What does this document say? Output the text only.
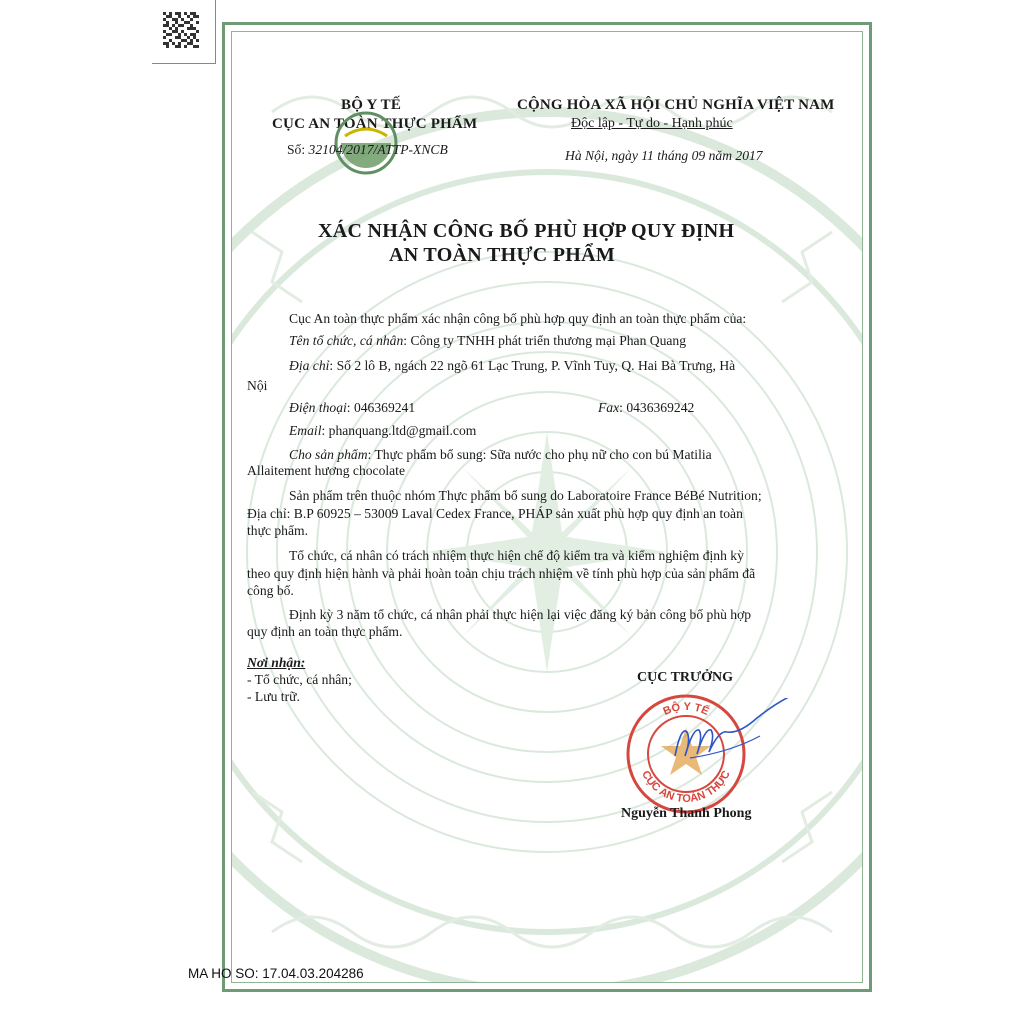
BỘ Y TẾ
CỤC AN TOÀN THỰC PHẨM
Số: 32104/2017/ATTP-XNCB
CỘNG HÒA XÃ HỘI CHỦ NGHĨA VIỆT NAM
Độc lập - Tự do - Hạnh phúc
Hà Nội, ngày 11 tháng 09 năm 2017
XÁC NHẬN CÔNG BỐ PHÙ HỢP QUY ĐỊNH
AN TOÀN THỰC PHẨM
Cục An toàn thực phẩm xác nhận công bố phù hợp quy định an toàn thực phẩm của:
Tên tổ chức, cá nhân: Công ty TNHH phát triển thương mại Phan Quang
Địa chỉ: Số 2 lô B, ngách 22 ngõ 61 Lạc Trung, P. Vĩnh Tuy, Q. Hai Bà Trưng, Hà
Nội
Điện thoại: 046369241	Fax: 0436369242
Email: phanquang.ltd@gmail.com
Cho sản phẩm: Thực phẩm bổ sung: Sữa nước cho phụ nữ cho con bú Matilia
Allaitement hương chocolate
Sản phẩm trên thuộc nhóm Thực phẩm bổ sung do Laboratoire France BéBé Nutrition;
Địa chỉ: B.P 60925 – 53009 Laval Cedex France, PHÁP sản xuất phù hợp quy định an toàn
thực phẩm.
Tổ chức, cá nhân có trách nhiệm thực hiện chế độ kiểm tra và kiểm nghiệm định kỳ
theo quy định hiện hành và phải hoàn toàn chịu trách nhiệm về tính phù hợp của sản phẩm đã
công bố.
Định kỳ 3 năm tổ chức, cá nhân phải thực hiện lại việc đăng ký bản công bố phù hợp
quy định an toàn thực phẩm.
Nơi nhận:
- Tổ chức, cá nhân;
- Lưu trữ.
CỤC TRƯỞNG
BỘ Y TẾ
CỤC AN TOÀN THỰC
Nguyễn Thanh Phong
MA HO SO: 17.04.03.204286
